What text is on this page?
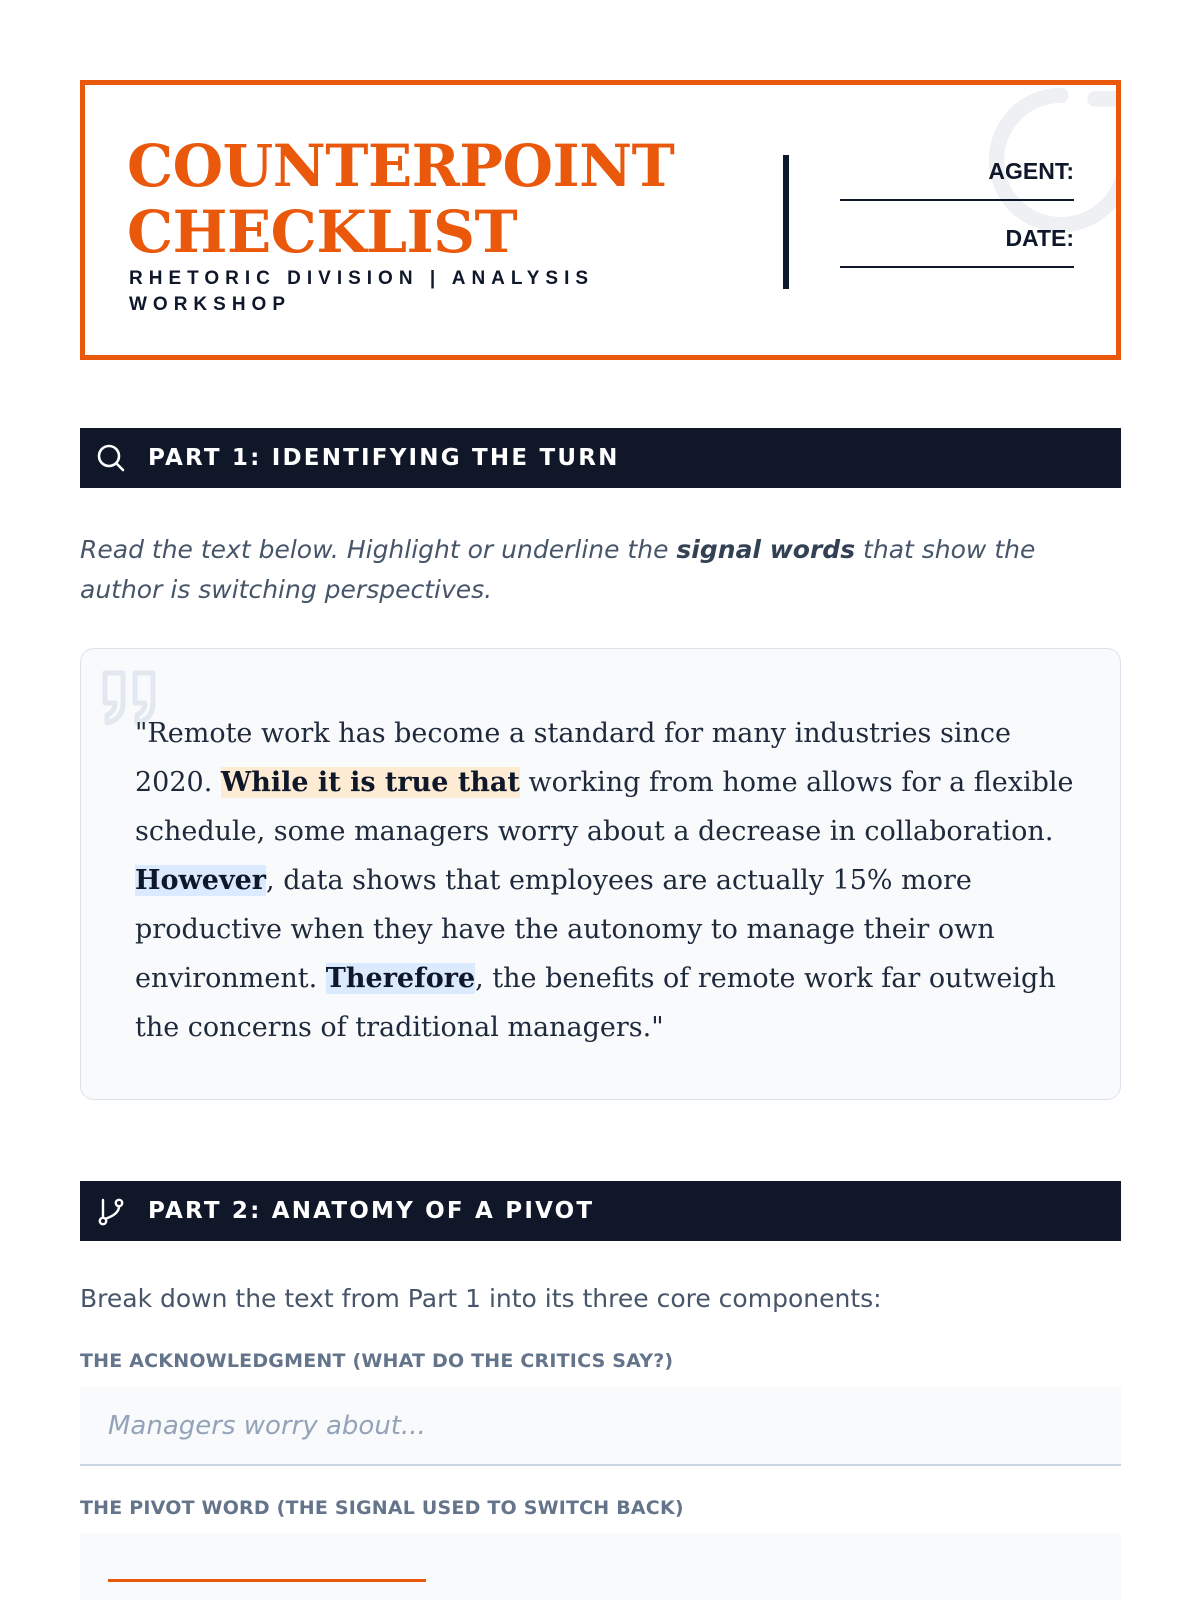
COUNTERPOINT
CHECKLIST
RHETORIC DIVISION | ANALYSIS WORKSHOP
AGENT:
DATE:
PART 1: IDENTIFYING THE TURN

Read the text below. Highlight or underline the signal words that show the author is switching perspectives.

"Remote work has become a standard for many industries since 2020. While it is true that working from home allows for a flexible schedule, some managers worry about a decrease in collaboration. However, data shows that employees are actually 15% more productive when they have the autonomy to manage their own environment. Therefore, the benefits of remote work far outweigh the concerns of traditional managers."

PART 2: ANATOMY OF A PIVOT

Break down the text from Part 1 into its three core components:

THE ACKNOWLEDGMENT (WHAT DO THE CRITICS SAY?)
Managers worry about...
THE PIVOT WORD (THE SIGNAL USED TO SWITCH BACK)
